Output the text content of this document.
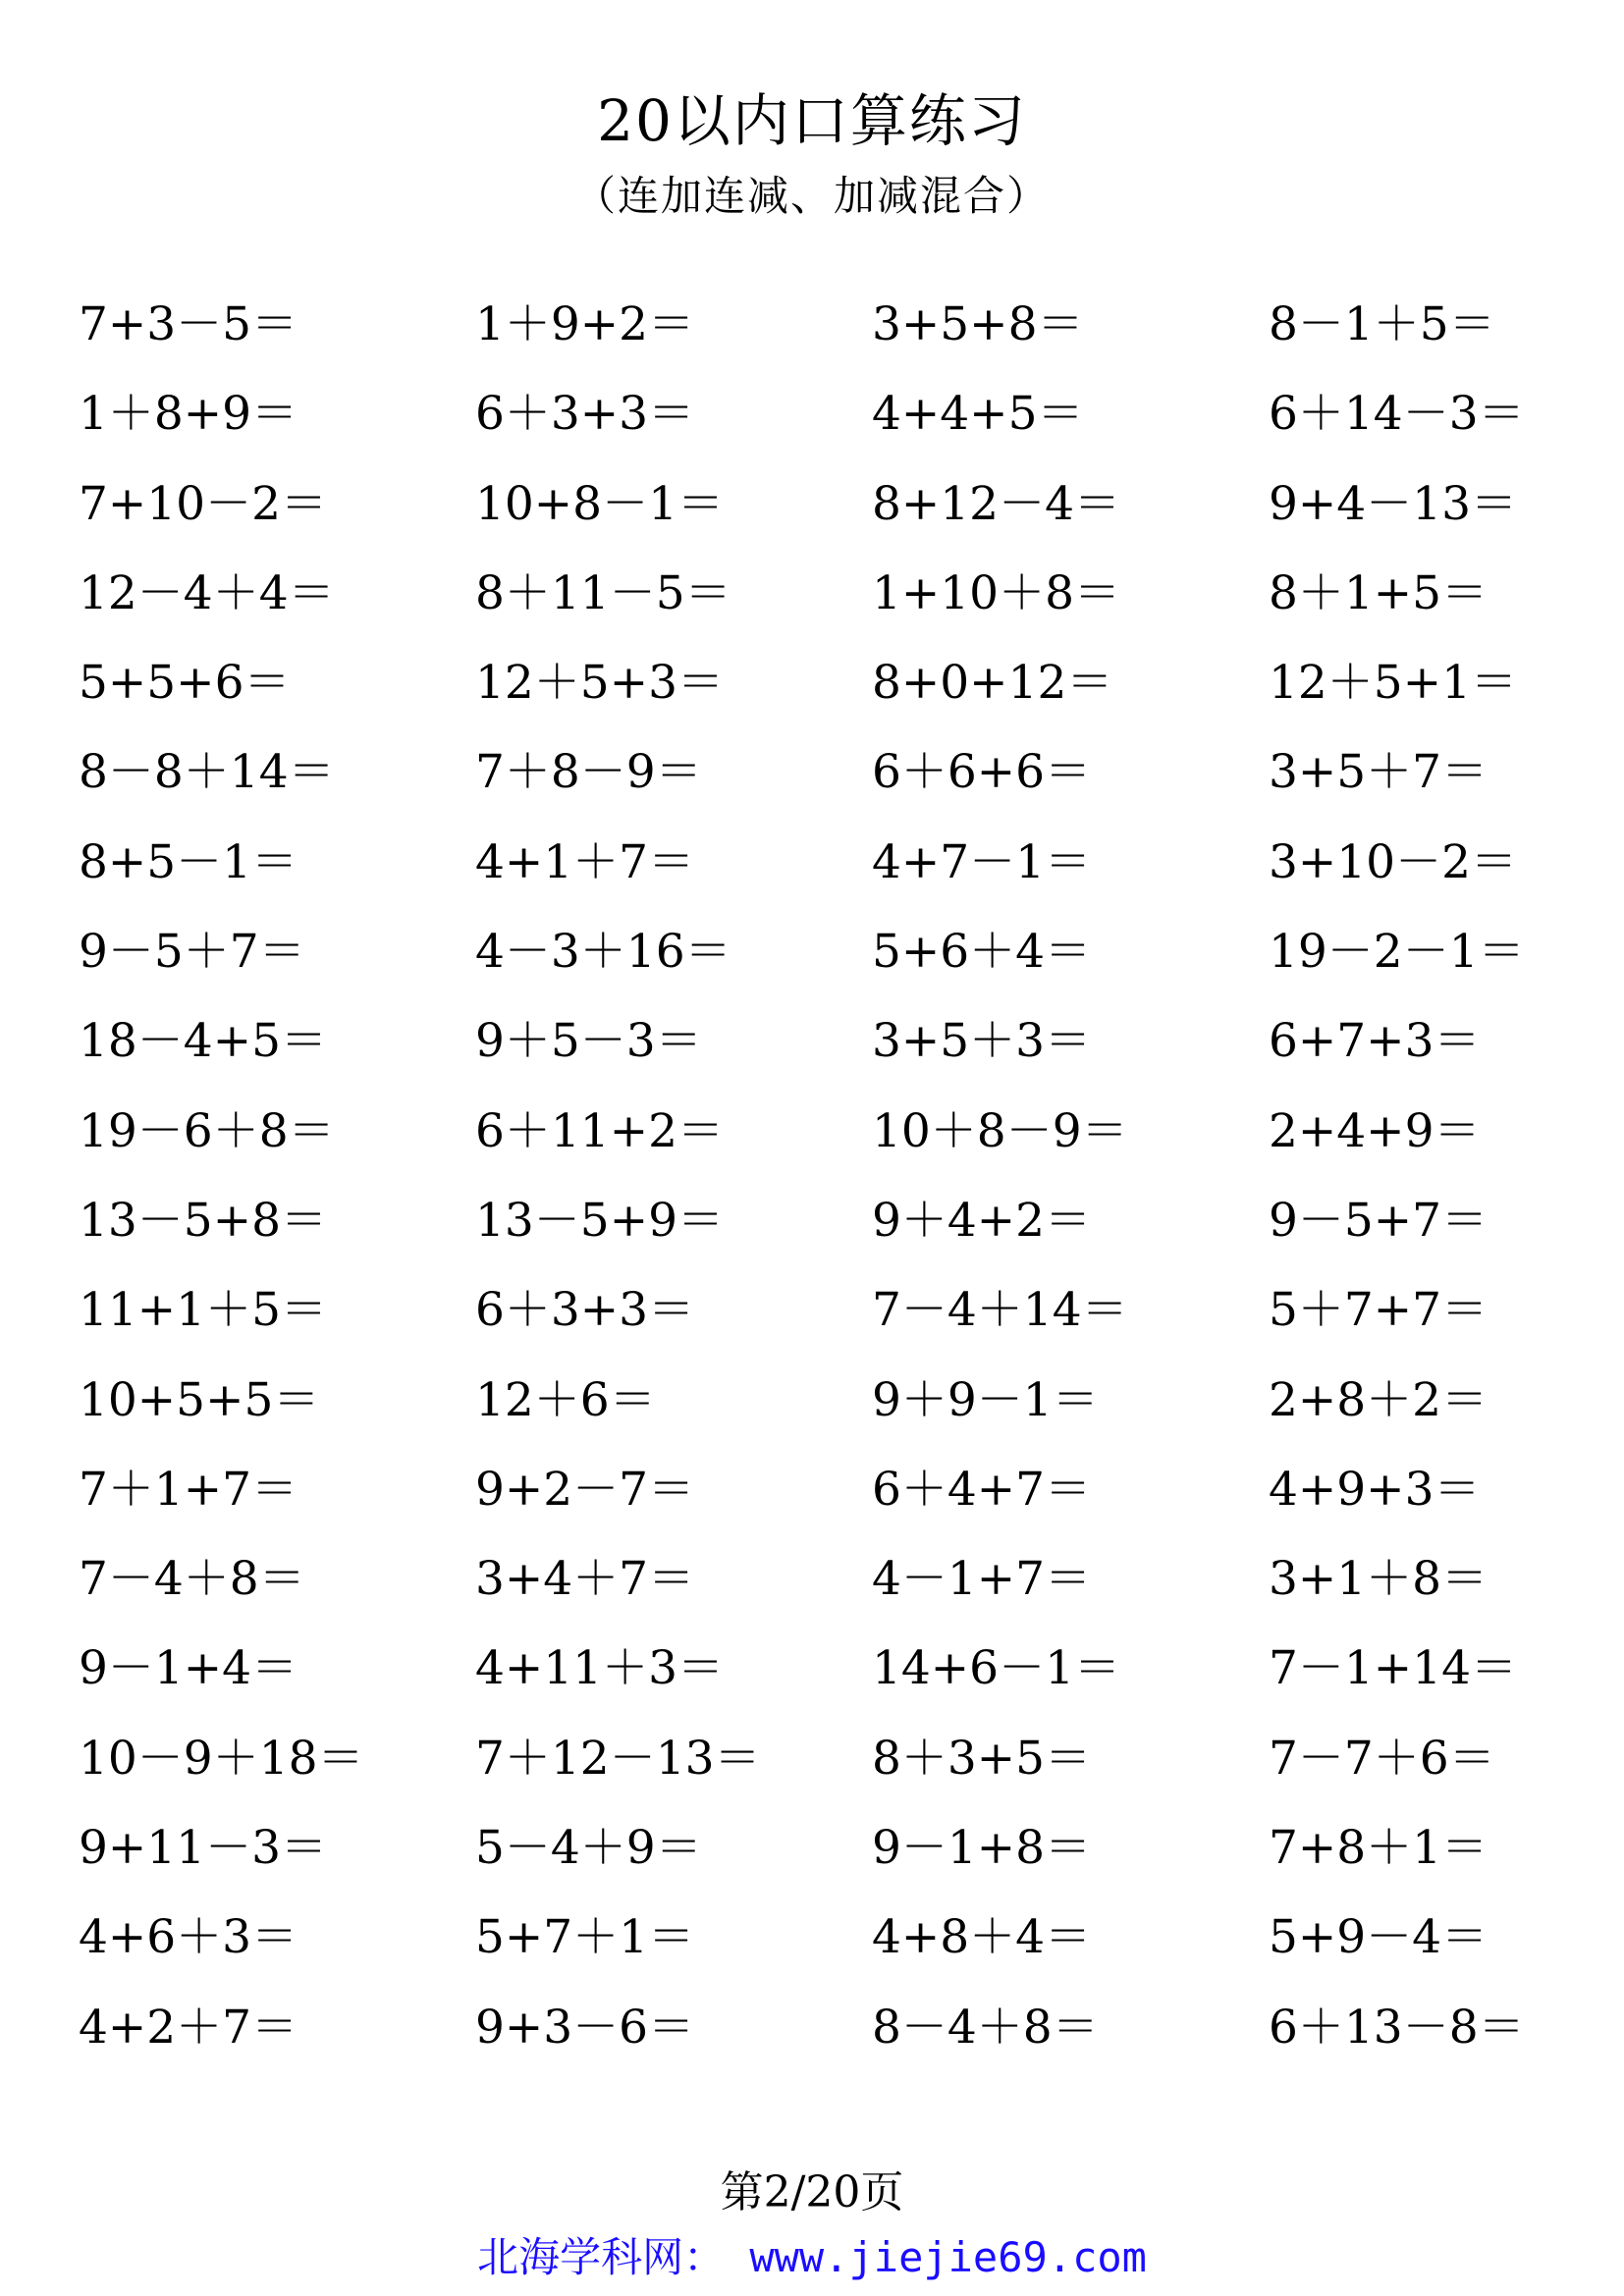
20以内口算练习
（连加连减、加减混合）
7+3－5＝	1＋9+2＝	3+5+8＝	8－1＋5＝
1＋8+9＝	6＋3+3＝	4+4+5＝	6＋14－3＝
7+10－2＝	10+8－1＝	8+12－4＝	9+4－13＝
12－4＋4＝	8＋11－5＝	1+10＋8＝	8＋1+5＝
5+5+6＝	12＋5+3＝	8+0+12＝	12＋5+1＝
8－8＋14＝	7＋8－9＝	6＋6+6＝	3+5＋7＝
8+5－1＝	4+1＋7＝	4+7－1＝	3+10－2＝
9－5＋7＝	4－3＋16＝	5+6＋4＝	19－2－1＝
18－4+5＝	9＋5－3＝	3+5＋3＝	6+7+3＝
19－6＋8＝	6＋11+2＝	10＋8－9＝	2+4+9＝
13－5+8＝	13－5+9＝	9＋4+2＝	9－5+7＝
11+1＋5＝	6＋3+3＝	7－4＋14＝	5＋7+7＝
10+5+5＝	12＋6＝	9＋9－1＝	2+8＋2＝
7＋1+7＝	9+2－7＝	6＋4+7＝	4+9+3＝
7－4＋8＝	3+4＋7＝	4－1+7＝	3+1＋8＝
9－1+4＝	4+11＋3＝	14+6－1＝	7－1+14＝
10－9＋18＝	7＋12－13＝	8＋3+5＝	7－7＋6＝
9+11－3＝	5－4＋9＝	9－1+8＝	7+8＋1＝
4+6＋3＝	5+7＋1＝	4+8＋4＝	5+9－4＝
4+2＋7＝	9+3－6＝	8－4＋8＝	6＋13－8＝
第2/20页
北海学科网： www.jiejie69.com
